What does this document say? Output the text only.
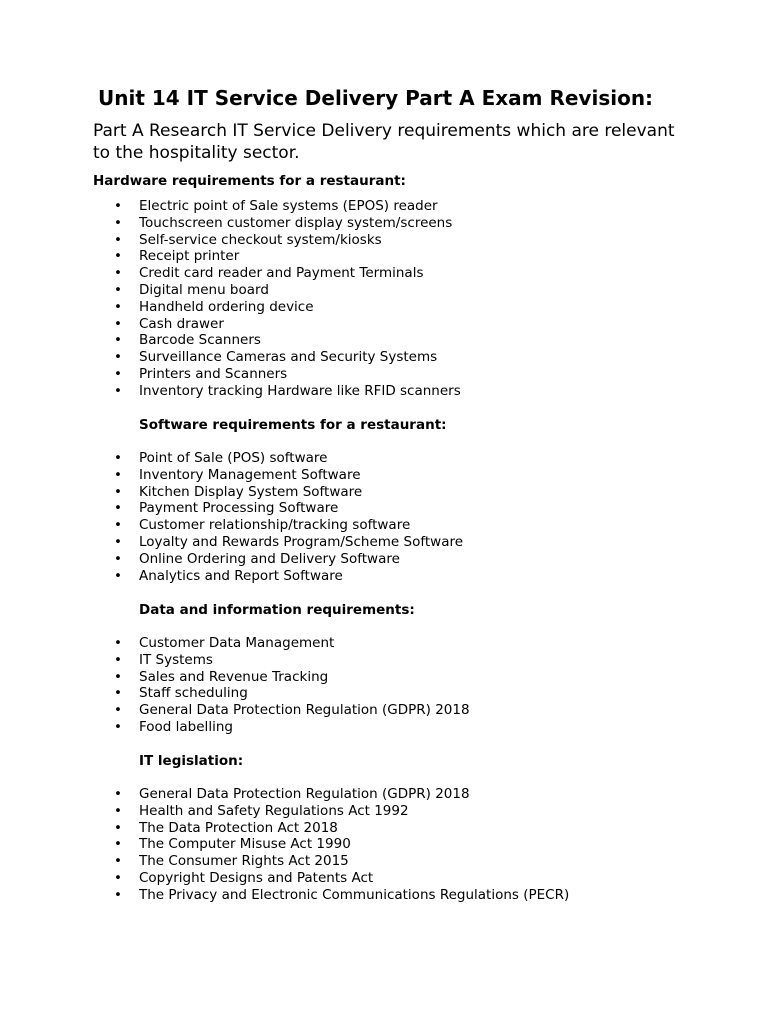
Unit 14 IT Service Delivery Part A Exam Revision:

Part A Research IT Service Delivery requirements which are relevant to the hospitality sector.

Hardware requirements for a restaurant:
• Electric point of Sale systems (EPOS) reader
• Touchscreen customer display system/screens
• Self-service checkout system/kiosks
• Receipt printer
• Credit card reader and Payment Terminals
• Digital menu board
• Handheld ordering device
• Cash drawer
• Barcode Scanners
• Surveillance Cameras and Security Systems
• Printers and Scanners
• Inventory tracking Hardware like RFID scanners
Software requirements for a restaurant:
• Point of Sale (POS) software
• Inventory Management Software
• Kitchen Display System Software
• Payment Processing Software
• Customer relationship/tracking software
• Loyalty and Rewards Program/Scheme Software
• Online Ordering and Delivery Software
• Analytics and Report Software
Data and information requirements:
• Customer Data Management
• IT Systems
• Sales and Revenue Tracking
• Staff scheduling
• General Data Protection Regulation (GDPR) 2018
• Food labelling
IT legislation:
• General Data Protection Regulation (GDPR) 2018
• Health and Safety Regulations Act 1992
• The Data Protection Act 2018
• The Computer Misuse Act 1990
• The Consumer Rights Act 2015
• Copyright Designs and Patents Act
• The Privacy and Electronic Communications Regulations (PECR)
